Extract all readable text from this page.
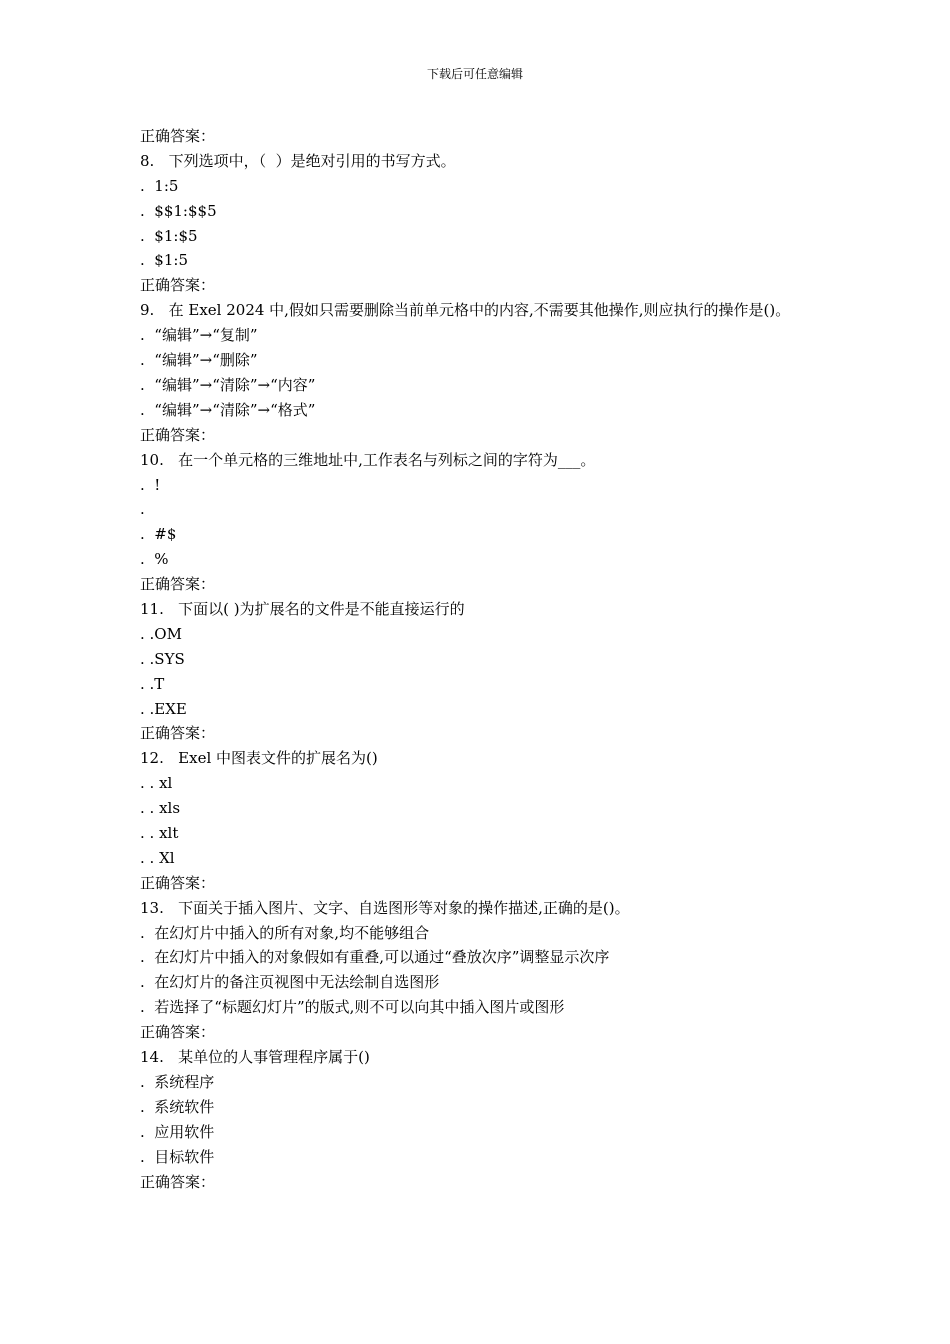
下载后可任意编辑
正确答案：
8.   下列选项中，（  ）是绝对引用的书写方式。
.  1:5
.  $$1:$$5
.  $1:$5
.  $1:5
正确答案：
9.   在 Exel 2024 中,假如只需要删除当前单元格中的内容,不需要其他操作,则应执行的操作是()。
.  “编辑”→“复制”
.  “编辑”→“删除”
.  “编辑”→“清除”→“内容”
.  “编辑”→“清除”→“格式”
正确答案：
10.   在一个单元格的三维地址中,工作表名与列标之间的字符为___。
.  !
.
.  #$
.  %
正确答案：
11.   下面以( )为扩展名的文件是不能直接运行的
. .OM
. .SYS
. .T
. .EXE
正确答案：
12.   Exel 中图表文件的扩展名为()
. . xl
. . xls
. . xlt
. . Xl
正确答案：
13.   下面关于插入图片、文字、自选图形等对象的操作描述,正确的是()。
.  在幻灯片中插入的所有对象,均不能够组合
.  在幻灯片中插入的对象假如有重叠,可以通过“叠放次序”调整显示次序
.  在幻灯片的备注页视图中无法绘制自选图形
.  若选择了“标题幻灯片”的版式,则不可以向其中插入图片或图形
正确答案：
14.   某单位的人事管理程序属于()
.  系统程序
.  系统软件
.  应用软件
.  目标软件
正确答案：
